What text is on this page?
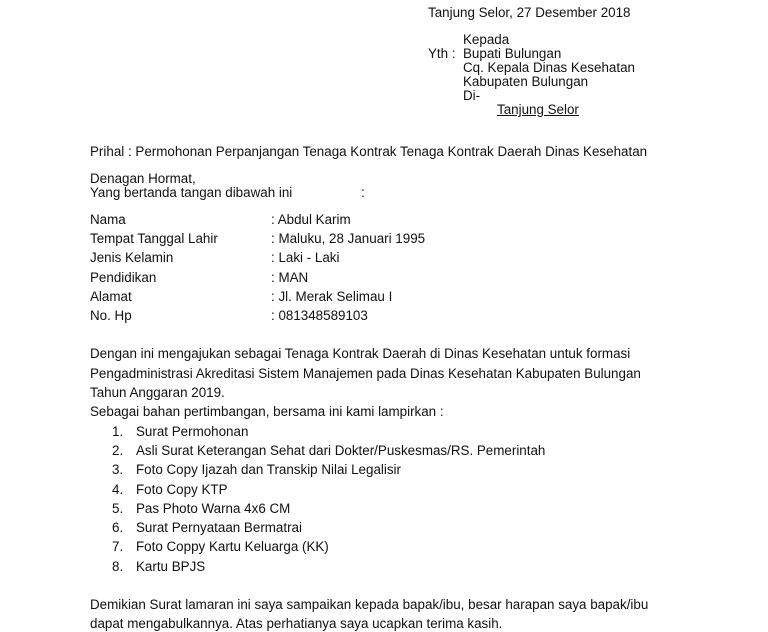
Tanjung Selor, 27 Desember 2018
Kepada
Yth : Bupati Bulungan
Cq. Kepala Dinas Kesehatan
Kabupaten Bulungan
Di-
Tanjung Selor
Prihal : Permohonan Perpanjangan Tenaga Kontrak Tenaga Kontrak Daerah Dinas Kesehatan
Denagan Hormat,
Yang bertanda tangan dibawah ini	:
Nama	: Abdul Karim
Tempat Tanggal Lahir	: Maluku, 28 Januari 1995
Jenis Kelamin	: Laki - Laki
Pendidikan	: MAN
Alamat	: Jl. Merak Selimau I
No. Hp	: 081348589103
Dengan ini mengajukan sebagai Tenaga Kontrak Daerah di Dinas Kesehatan untuk formasi
Pengadministrasi Akreditasi Sistem Manajemen pada Dinas Kesehatan Kabupaten Bulungan
Tahun Anggaran 2019.
Sebagai bahan pertimbangan, bersama ini kami lampirkan :
1. Surat Permohonan
2. Asli Surat Keterangan Sehat dari Dokter/Puskesmas/RS. Pemerintah
3. Foto Copy Ijazah dan Transkip Nilai Legalisir
4. Foto Copy KTP
5. Pas Photo Warna 4x6 CM
6. Surat Pernyataan Bermatrai
7. Foto Coppy Kartu Keluarga (KK)
8. Kartu BPJS
Demikian Surat lamaran ini saya sampaikan kepada bapak/ibu, besar harapan saya bapak/ibu
dapat mengabulkannya. Atas perhatianya saya ucapkan terima kasih.
